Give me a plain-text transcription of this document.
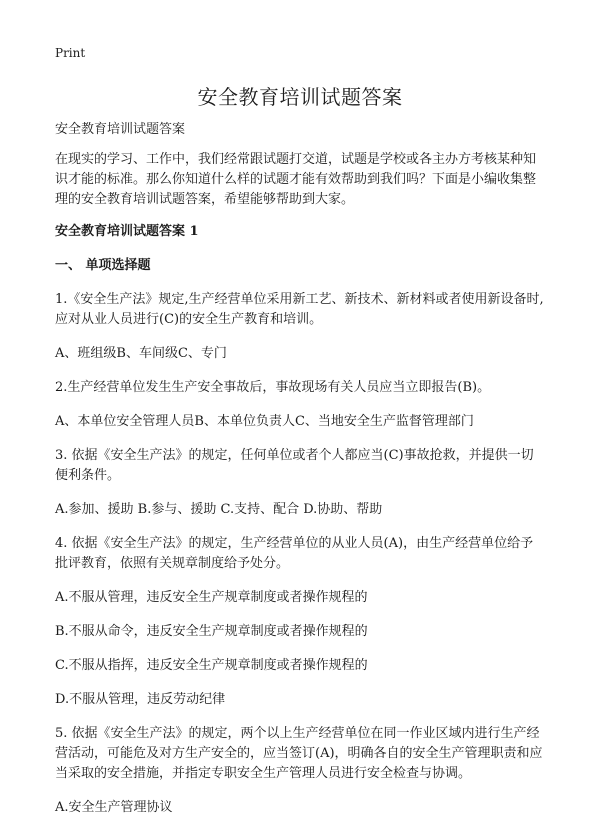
Print
安全教育培训试题答案

安全教育培训试题答案

在现实的学习、工作中，我们经常跟试题打交道，试题是学校或各主办方考核某种知识才能的标准。那么你知道什么样的试题才能有效帮助到我们吗？下面是小编收集整理的安全教育培训试题答案，希望能够帮助到大家。

安全教育培训试题答案 1

一、 单项选择题

1.《安全生产法》规定,生产经营单位采用新工艺、新技术、新材料或者使用新设备时,应对从业人员进行(C)的安全生产教育和培训。

A、班组级B、车间级C、专门

2.生产经营单位发生生产安全事故后，事故现场有关人员应当立即报告(B)。

A、本单位安全管理人员B、本单位负责人C、当地安全生产监督管理部门

3. 依据《安全生产法》的规定，任何单位或者个人都应当(C)事故抢救，并提供一切便利条件。

A.参加、援助 B.参与、援助 C.支持、配合 D.协助、帮助

4. 依据《安全生产法》的规定，生产经营单位的从业人员(A)，由生产经营单位给予批评教育，依照有关规章制度给予处分。

A.不服从管理，违反安全生产规章制度或者操作规程的

B.不服从命令，违反安全生产规章制度或者操作规程的

C.不服从指挥，违反安全生产规章制度或者操作规程的

D.不服从管理，违反劳动纪律

5. 依据《安全生产法》的规定，两个以上生产经营单位在同一作业区域内进行生产经营活动，可能危及对方生产安全的，应当签订(A)，明确各自的安全生产管理职责和应当采取的安全措施，并指定专职安全生产管理人员进行安全检查与协调。

A.安全生产管理协议
